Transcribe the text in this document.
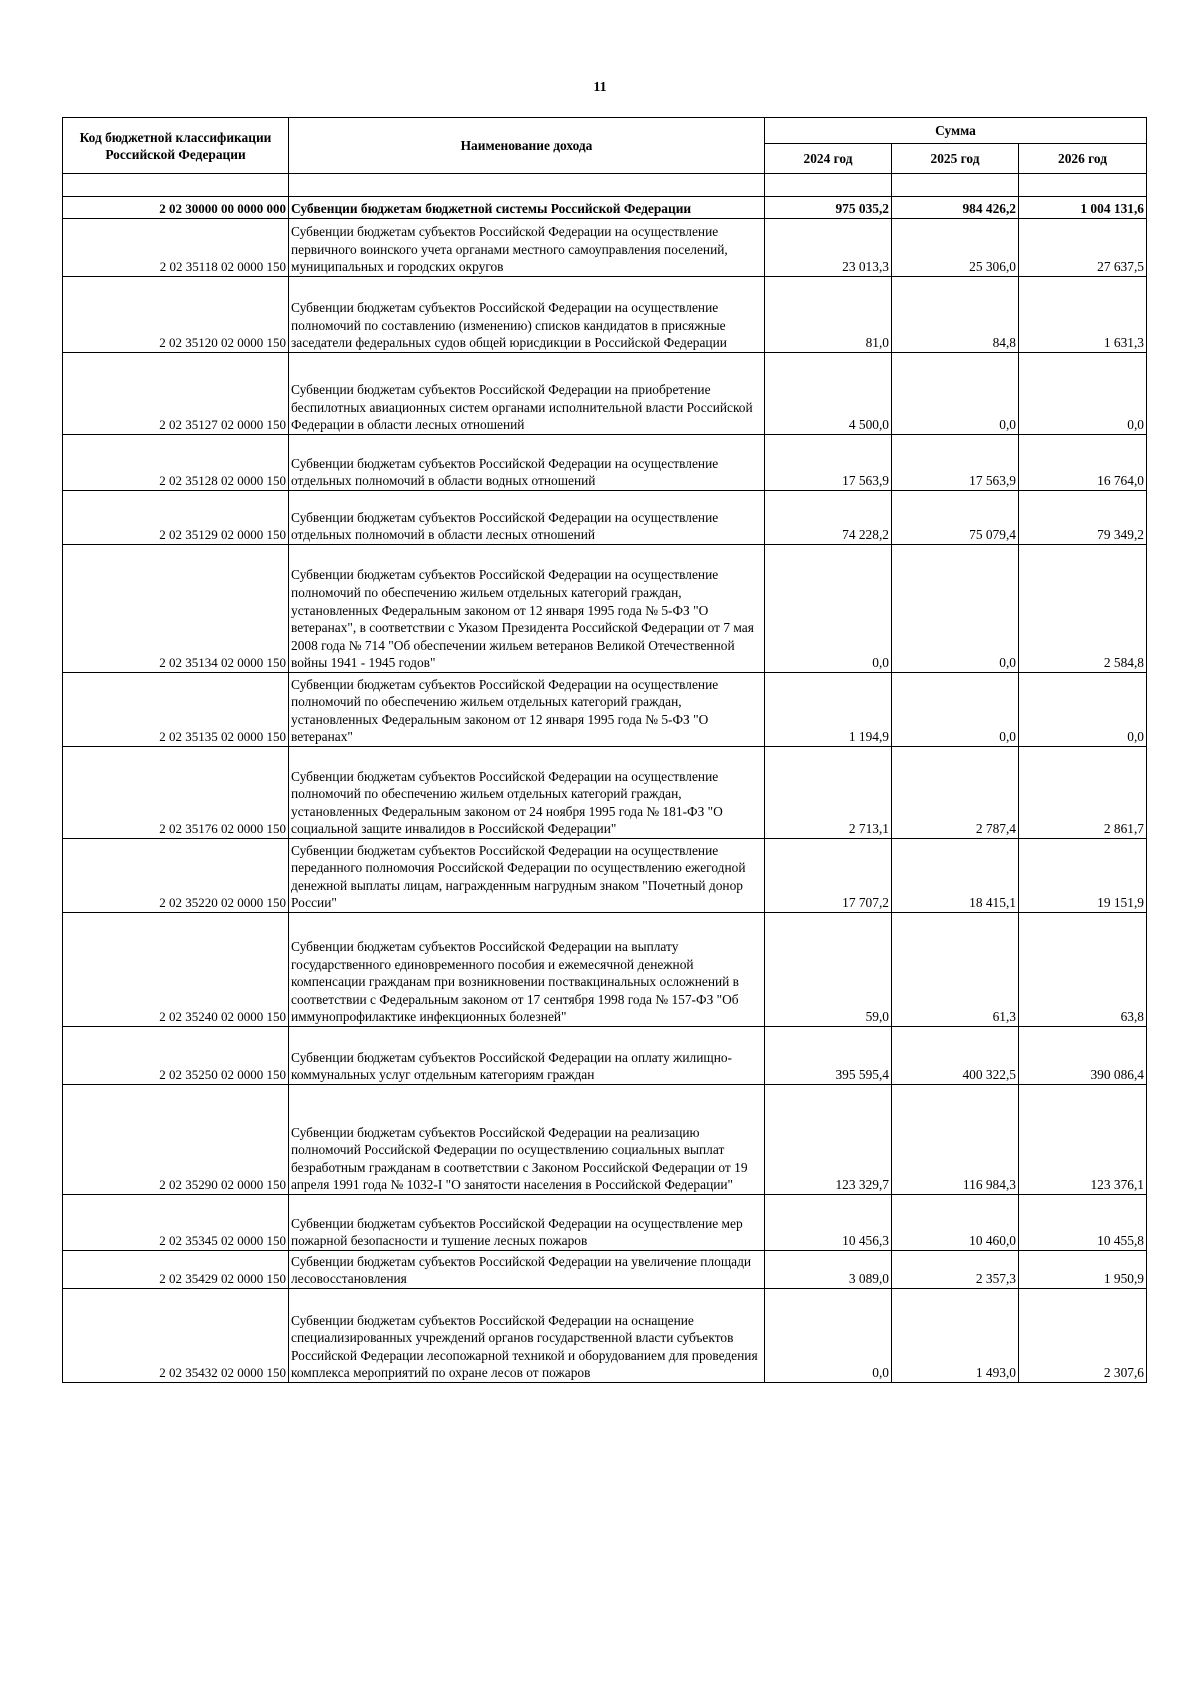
11
Код бюджетной классификации Российской Федерации	Наименование дохода	Сумма		
		2024 год	2025 год	2026 год

2 02 30000 00 0000 000	Субвенции бюджетам бюджетной системы Российской Федерации	975 035,2	984 426,2	1 004 131,6
2 02 35118 02 0000 150	Субвенции бюджетам субъектов Российской Федерации на осуществление первичного воинского учета органами местного самоуправления поселений, муниципальных и городских округов	23 013,3	25 306,0	27 637,5
2 02 35120 02 0000 150	Субвенции бюджетам субъектов Российской Федерации на осуществление полномочий по составлению (изменению) списков кандидатов в присяжные заседатели федеральных судов общей юрисдикции в Российской Федерации	81,0	84,8	1 631,3
2 02 35127 02 0000 150	Субвенции бюджетам субъектов Российской Федерации на приобретение беспилотных авиационных систем органами исполнительной власти Российской Федерации в области лесных отношений	4 500,0	0,0	0,0
2 02 35128 02 0000 150	Субвенции бюджетам субъектов Российской Федерации на осуществление отдельных полномочий в области водных отношений	17 563,9	17 563,9	16 764,0
2 02 35129 02 0000 150	Субвенции бюджетам субъектов Российской Федерации на осуществление отдельных полномочий в области лесных отношений	74 228,2	75 079,4	79 349,2
2 02 35134 02 0000 150	Субвенции бюджетам субъектов Российской Федерации на осуществление полномочий по обеспечению жильем отдельных категорий граждан, установленных Федеральным законом от 12 января 1995 года № 5-ФЗ "О ветеранах", в соответствии с Указом Президента Российской Федерации от 7 мая 2008 года № 714 "Об обеспечении жильем ветеранов Великой Отечественной войны 1941 - 1945 годов"	0,0	0,0	2 584,8
2 02 35135 02 0000 150	Субвенции бюджетам субъектов Российской Федерации на осуществление полномочий по обеспечению жильем отдельных категорий граждан, установленных Федеральным законом от 12 января 1995 года № 5-ФЗ "О ветеранах"	1 194,9	0,0	0,0
2 02 35176 02 0000 150	Субвенции бюджетам субъектов Российской Федерации на осуществление полномочий по обеспечению жильем отдельных категорий граждан, установленных Федеральным законом от 24 ноября 1995 года № 181-ФЗ "О социальной защите инвалидов в Российской Федерации"	2 713,1	2 787,4	2 861,7
2 02 35220 02 0000 150	Субвенции бюджетам субъектов Российской Федерации на осуществление переданного полномочия Российской Федерации по осуществлению ежегодной денежной выплаты лицам, награжденным нагрудным знаком "Почетный донор России"	17 707,2	18 415,1	19 151,9
2 02 35240 02 0000 150	Субвенции бюджетам субъектов Российской Федерации на выплату государственного единовременного пособия и ежемесячной денежной компенсации гражданам при возникновении поствакцинальных осложнений в соответствии с Федеральным законом от 17 сентября 1998 года № 157-ФЗ "Об иммунопрофилактике инфекционных болезней"	59,0	61,3	63,8
2 02 35250 02 0000 150	Субвенции бюджетам субъектов Российской Федерации на оплату жилищно-коммунальных услуг отдельным категориям граждан	395 595,4	400 322,5	390 086,4
2 02 35290 02 0000 150	Субвенции бюджетам субъектов Российской Федерации на реализацию полномочий Российской Федерации по осуществлению социальных выплат безработным гражданам в соответствии с Законом Российской Федерации от 19 апреля 1991 года № 1032-I "О занятости населения в Российской Федерации"	123 329,7	116 984,3	123 376,1
2 02 35345 02 0000 150	Субвенции бюджетам субъектов Российской Федерации на осуществление мер пожарной безопасности и тушение лесных пожаров	10 456,3	10 460,0	10 455,8
2 02 35429 02 0000 150	Субвенции бюджетам субъектов Российской Федерации на увеличение площади лесовосстановления	3 089,0	2 357,3	1 950,9
2 02 35432 02 0000 150	Субвенции бюджетам субъектов Российской Федерации на оснащение специализированных учреждений органов государственной власти субъектов Российской Федерации лесопожарной техникой и оборудованием для проведения комплекса мероприятий по охране лесов от пожаров	0,0	1 493,0	2 307,6
